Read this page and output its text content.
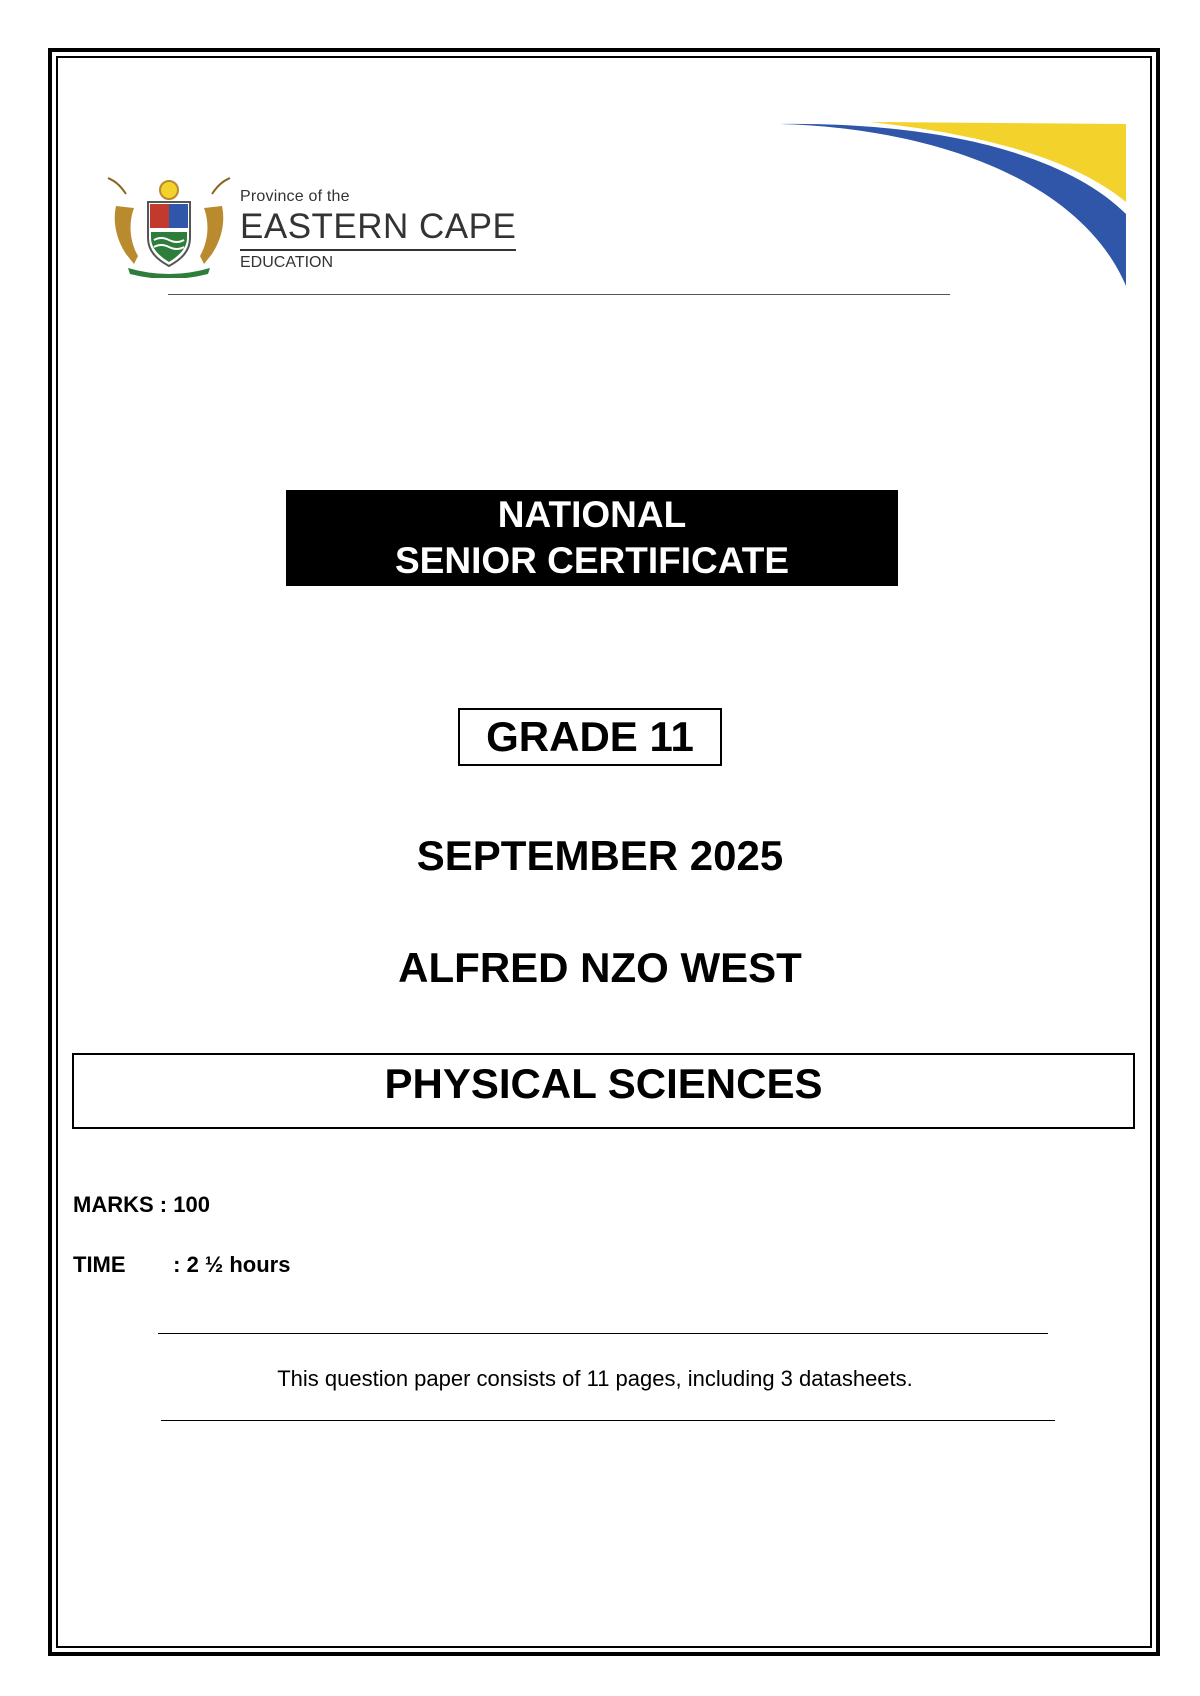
Province of the
EASTERN CAPE
EDUCATION
NATIONAL
SENIOR CERTIFICATE
GRADE 11
SEPTEMBER 2025
ALFRED NZO WEST
PHYSICAL SCIENCES
MARKS : 100
TIME : 2 ½ hours
This question paper consists of 11 pages, including 3 datasheets.
